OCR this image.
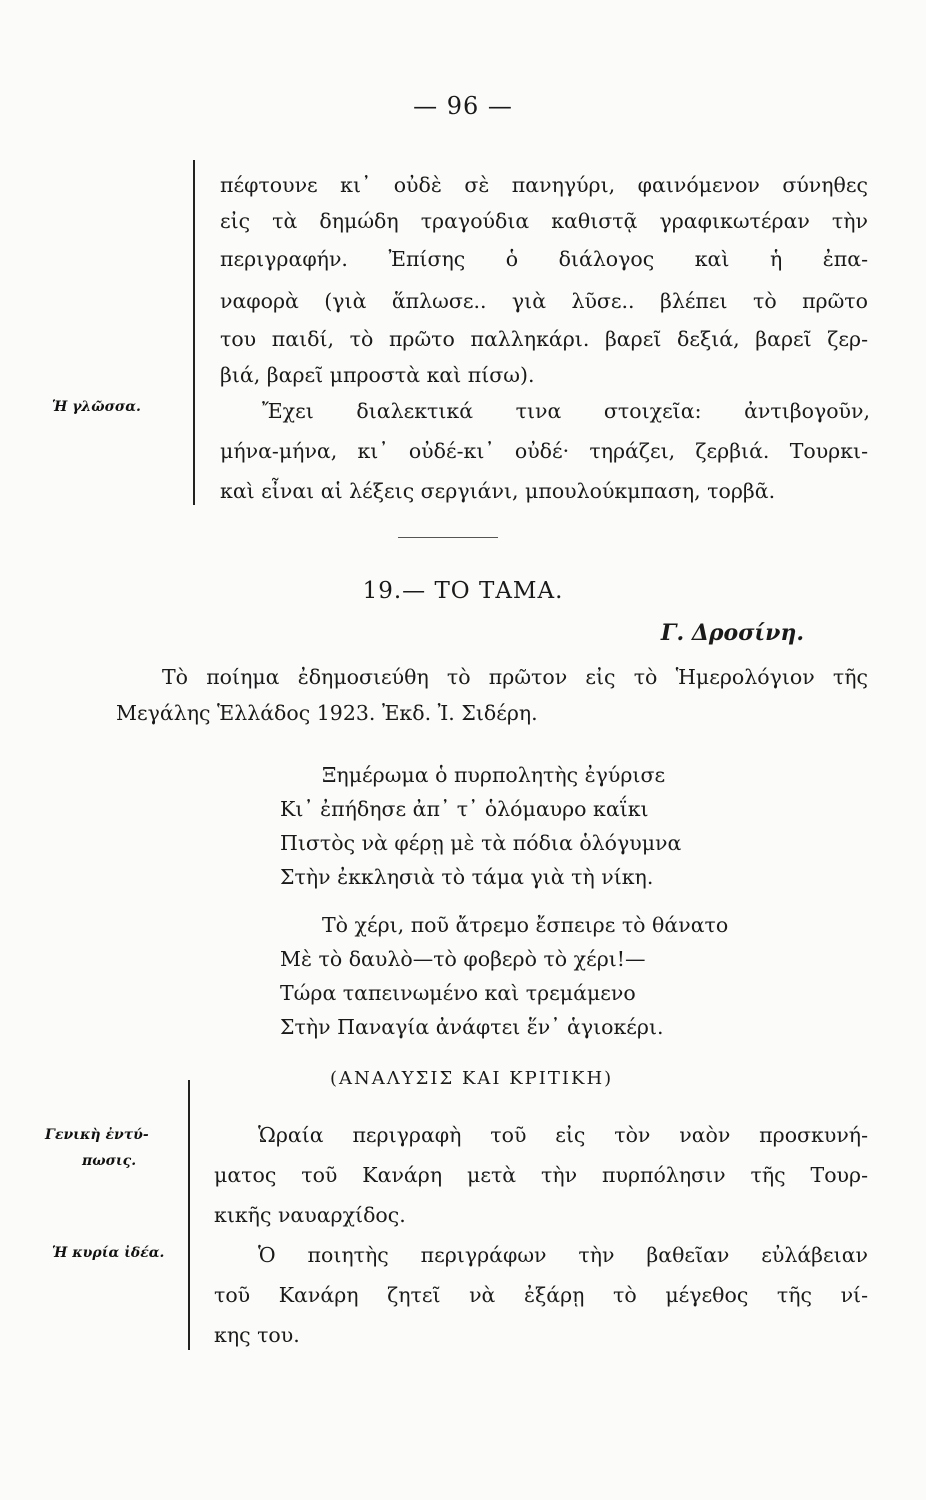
— 96 —
Ἡ γλῶσσα.
Γενικὴ ἐντύ-
πωσις.
Ἡ κυρία ἰδέα.
πέφτουνε κι᾿ οὐδὲ σὲ πανηγύρι, φαινόμενον σύνηθες
εἰς τὰ δημώδη τραγούδια καθιστᾷ γραφικωτέραν τὴν
περιγραφήν. Ἐπίσης ὁ διάλογος καὶ ἡ ἐπα-
ναφορὰ (γιὰ ἅπλωσε.. γιὰ λῦσε.. βλέπει τὸ πρῶτο
του παιδί, τὸ πρῶτο παλληκάρι. βαρεῖ δεξιά, βαρεῖ ζερ-
βιά, βαρεῖ μπροστὰ καὶ πίσω).
Ἔχει διαλεκτικά τινα στοιχεῖα: ἀντιβογοῦν,
μήνα-μήνα, κι᾿ οὐδέ-κι᾿ οὐδέ· τηράζει, ζερβιά. Τουρκι-
καὶ εἶναι αἱ λέξεις σεργιάνι, μπουλούκμπαση, τορβᾶ.
19.— ΤΟ ΤΑΜΑ.
Γ. Δροσίνη.
Τὸ ποίημα ἐδημοσιεύθη τὸ πρῶτον εἰς τὸ Ἡμερολόγιον τῆς
Μεγάλης Ἑλλάδος 1923. Ἐκδ. Ἰ. Σιδέρη.
Ξημέρωμα ὁ πυρπολητὴς ἐγύρισε
Κι᾿ ἐπήδησε ἀπ᾿ τ᾿ ὁλόμαυρο καΐκι
Πιστὸς νὰ φέρῃ μὲ τὰ πόδια ὁλόγυμνα
Στὴν ἐκκλησιὰ τὸ τάμα γιὰ τὴ νίκη.
Τὸ χέρι, ποῦ ἄτρεμο ἔσπειρε τὸ θάνατο
Μὲ τὸ δαυλὸ—τὸ φοβερὸ τὸ χέρι!—
Τώρα ταπεινωμένο καὶ τρεμάμενο
Στὴν Παναγία ἀνάφτει ἕν᾿ ἁγιοκέρι.
(ΑΝΑΛΥΣΙΣ ΚΑΙ ΚΡΙΤΙΚΗ)
Ὡραία περιγραφὴ τοῦ εἰς τὸν ναὸν προσκυνή-
ματος τοῦ Κανάρη μετὰ τὴν πυρπόλησιν τῆς Τουρ-
κικῆς ναυαρχίδος.
Ὁ ποιητὴς περιγράφων τὴν βαθεῖαν εὐλάβειαν
τοῦ Κανάρη ζητεῖ νὰ ἐξάρῃ τὸ μέγεθος τῆς νί-
κης του.
